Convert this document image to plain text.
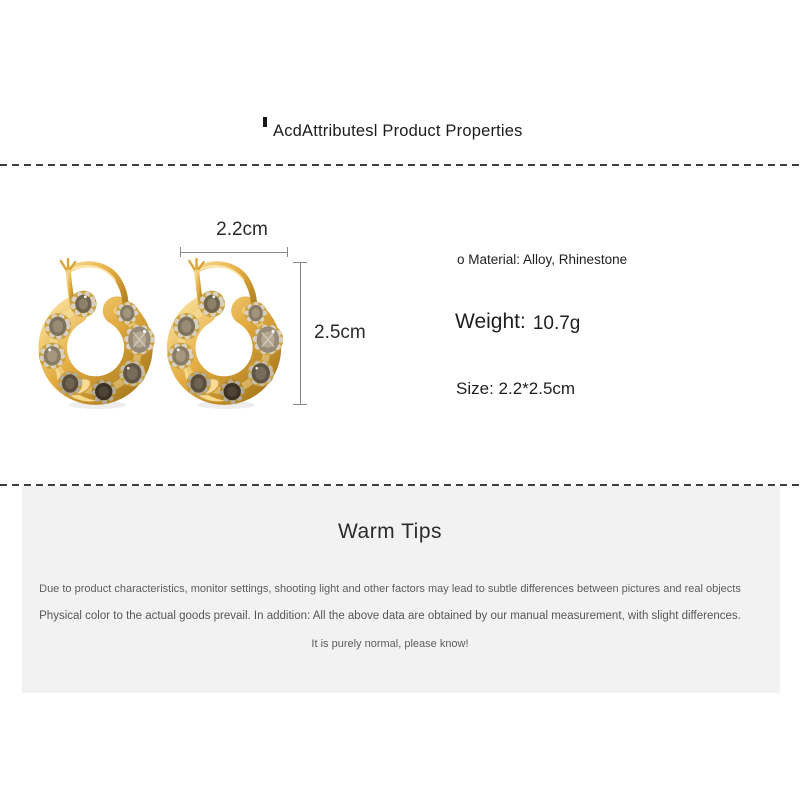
AcdAttributesl Product Properties
2.2cm
2.5cm
o Material: Alloy, Rhinestone
Weight: 10.7g
Size: 2.2*2.5cm
Warm Tips
Due to product characteristics, monitor settings, shooting light and other factors may lead to subtle differences between pictures and real objects
Physical color to the actual goods prevail. In addition: All the above data are obtained by our manual measurement, with slight differences.
It is purely normal, please know!
